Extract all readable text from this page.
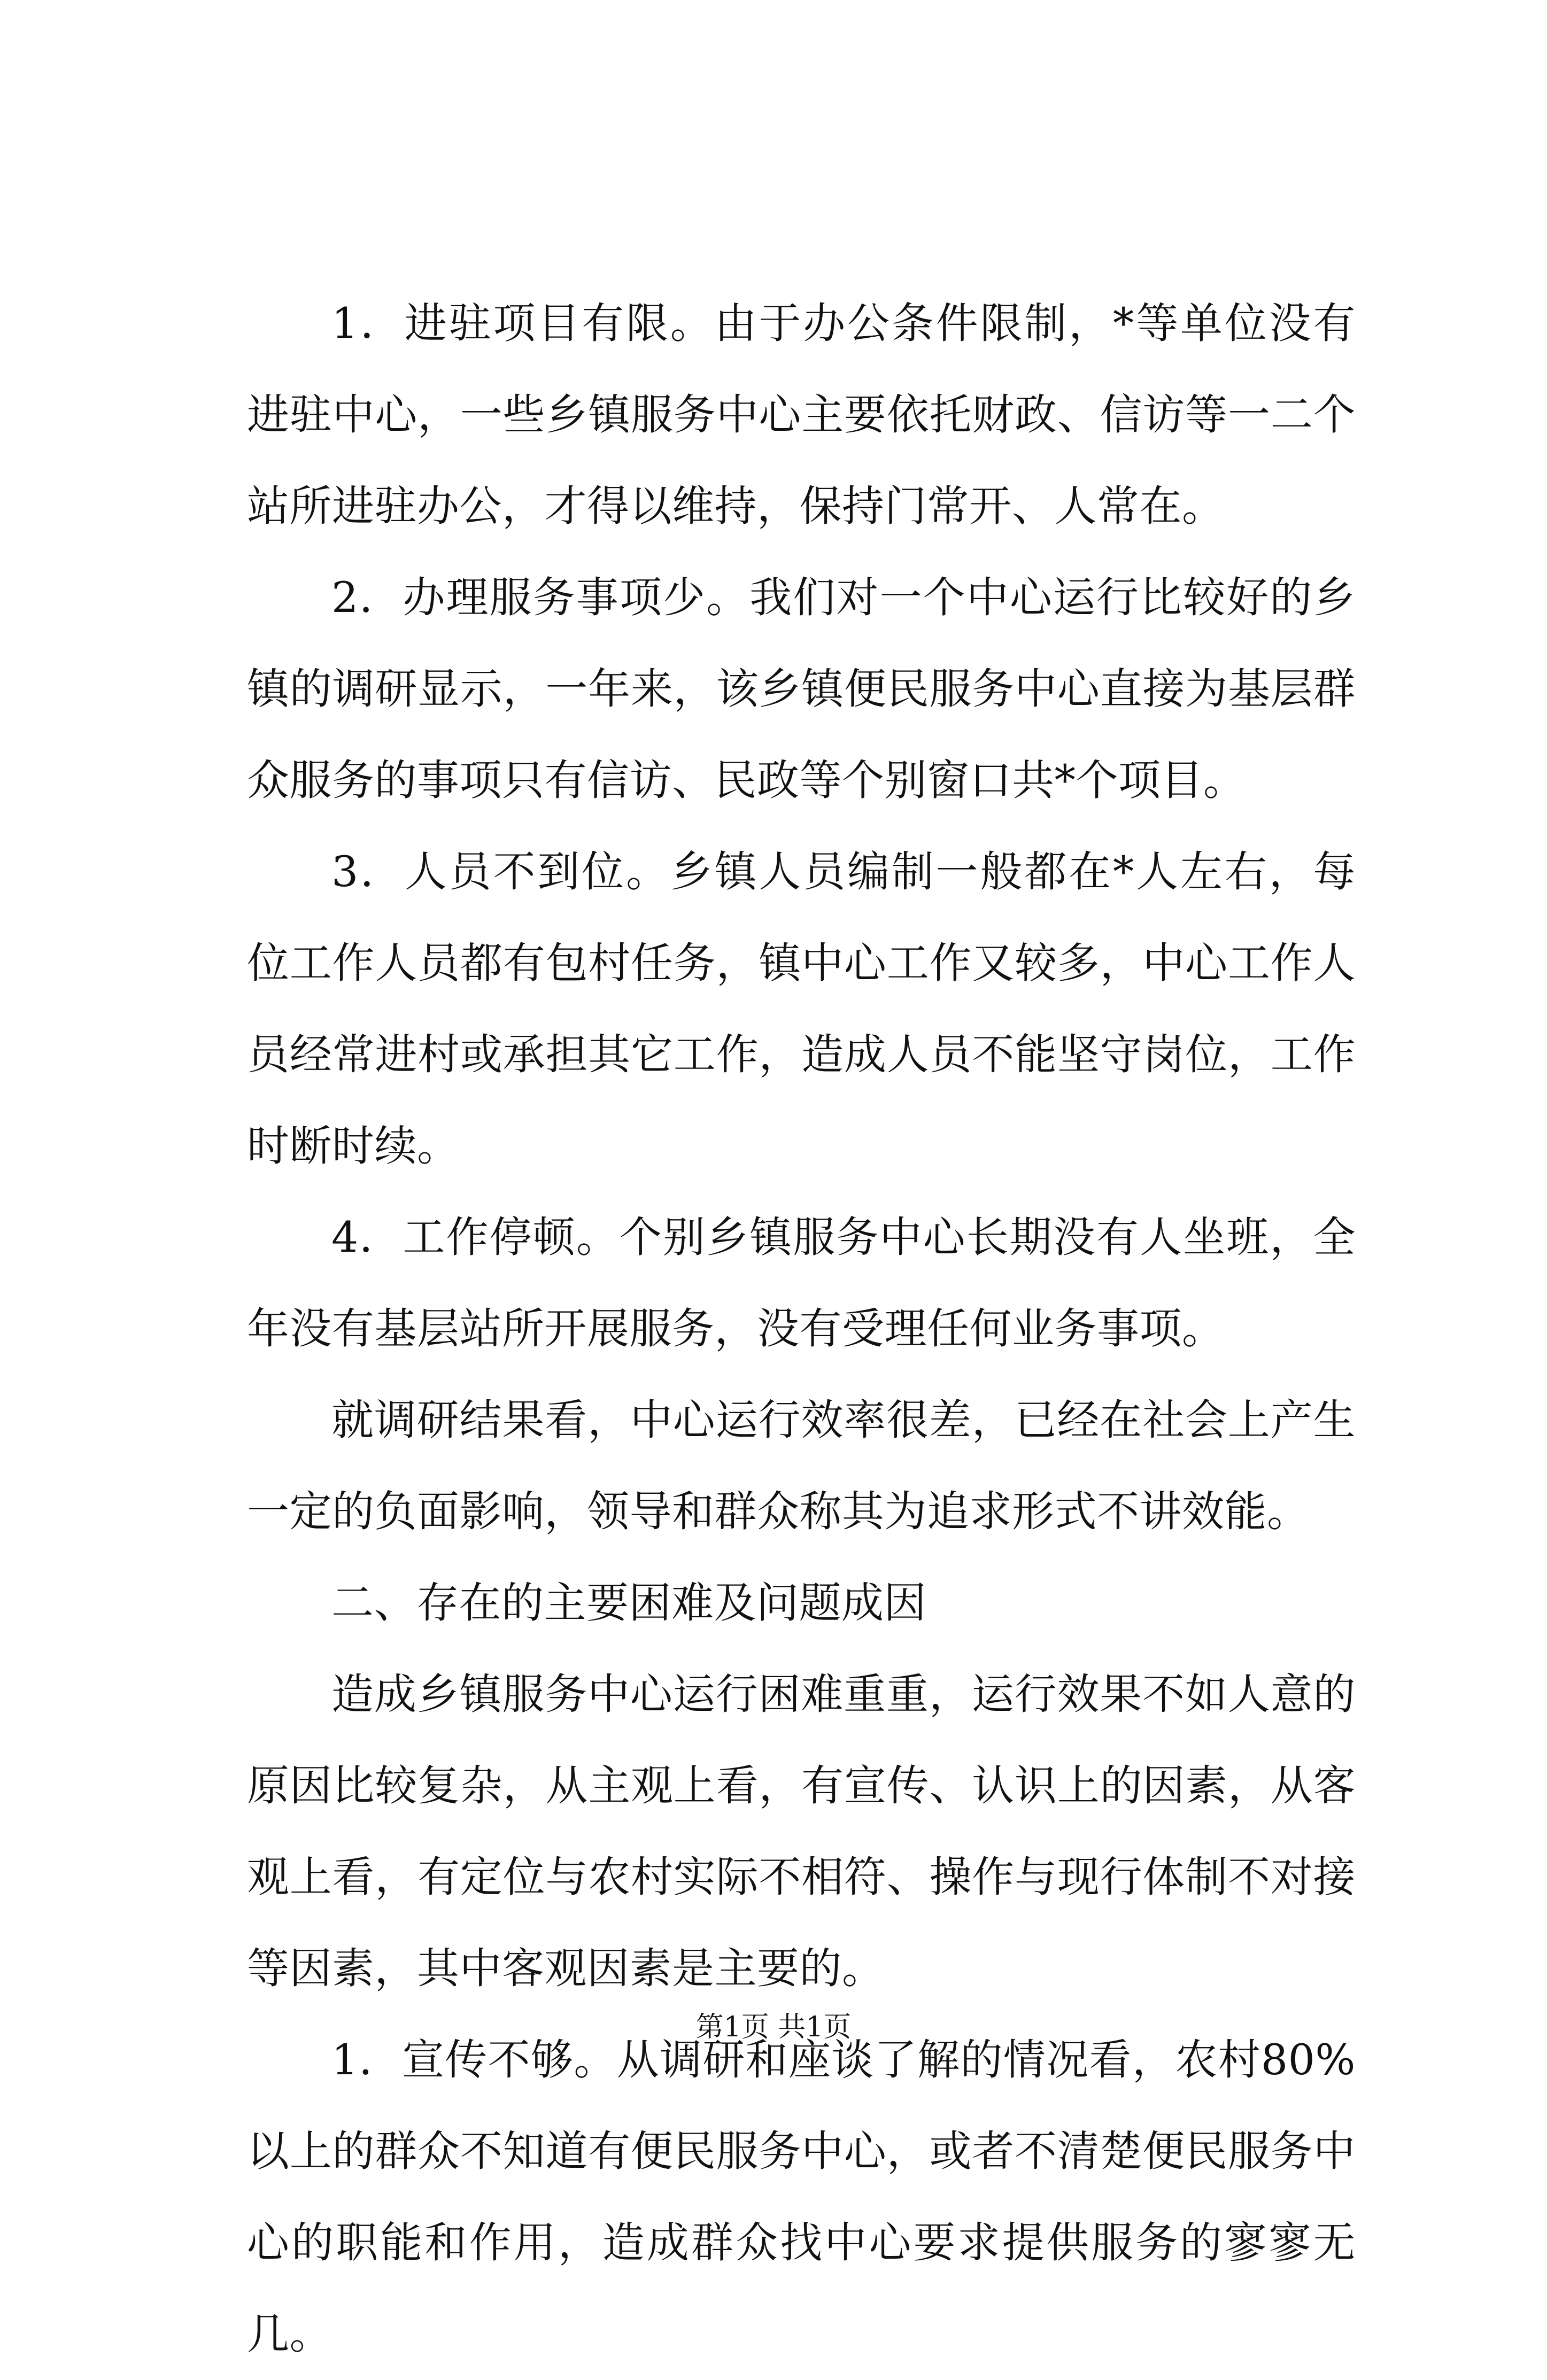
1．进驻项目有限。由于办公条件限制，*等单位没有进驻中心，一些乡镇服务中心主要依托财政、信访等一二个站所进驻办公，才得以维持，保持门常开、人常在。

2．办理服务事项少。我们对一个中心运行比较好的乡镇的调研显示，一年来，该乡镇便民服务中心直接为基层群众服务的事项只有信访、民政等个别窗口共*个项目。

3．人员不到位。乡镇人员编制一般都在*人左右，每位工作人员都有包村任务，镇中心工作又较多，中心工作人员经常进村或承担其它工作，造成人员不能坚守岗位，工作时断时续。

4．工作停顿。个别乡镇服务中心长期没有人坐班，全年没有基层站所开展服务，没有受理任何业务事项。

就调研结果看，中心运行效率很差，已经在社会上产生一定的负面影响，领导和群众称其为追求形式不讲效能。

二、存在的主要困难及问题成因

造成乡镇服务中心运行困难重重，运行效果不如人意的原因比较复杂，从主观上看，有宣传、认识上的因素，从客观上看，有定位与农村实际不相符、操作与现行体制不对接等因素，其中客观因素是主要的。

1．宣传不够。从调研和座谈了解的情况看，农村80%以上的群众不知道有便民服务中心，或者不清楚便民服务中心的职能和作用，造成群众找中心要求提供服务的寥寥无几。

第1页 共1页
